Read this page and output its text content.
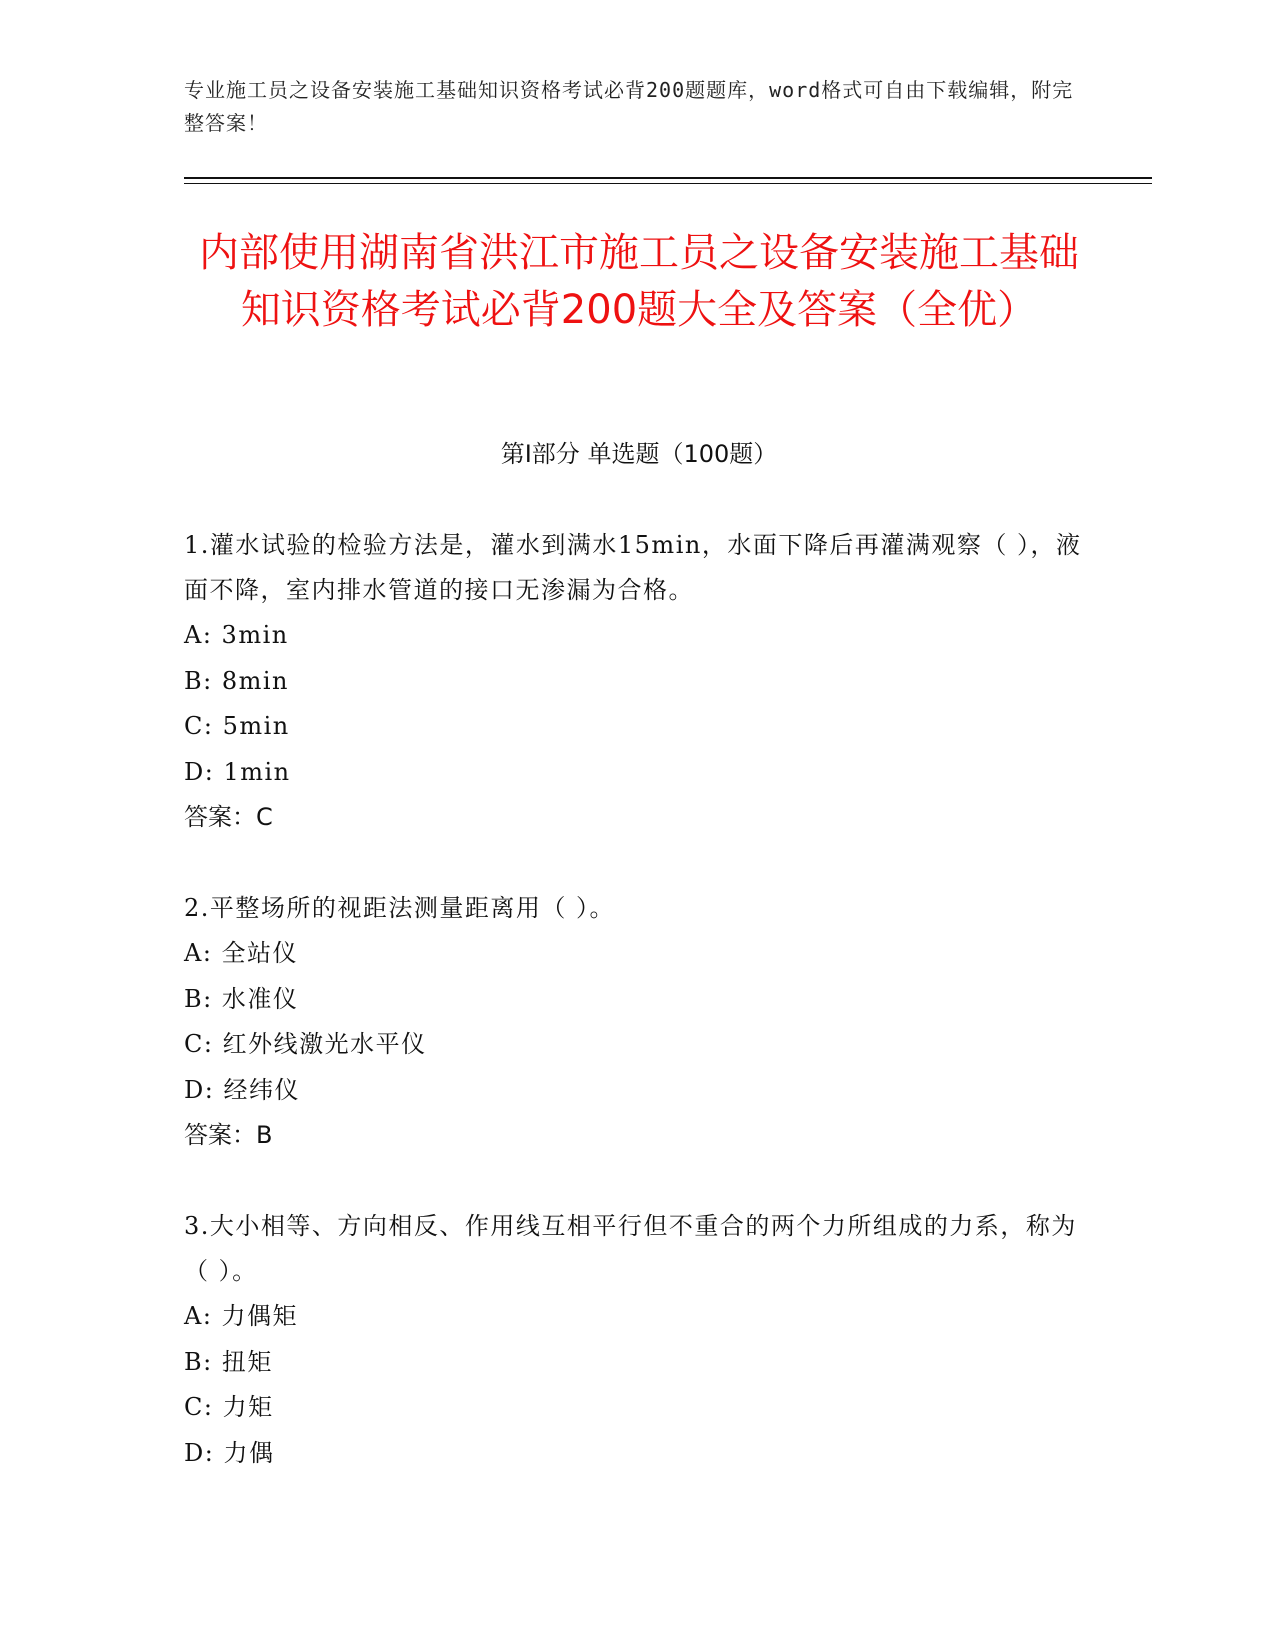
专业施工员之设备安装施工基础知识资格考试必背200题题库，word格式可自由下载编辑，附完整答案！
内部使用湖南省洪江市施工员之设备安装施工基础知识资格考试必背200题大全及答案（全优）
第I部分 单选题（100题）
1.灌水试验的检验方法是，灌水到满水15min，水面下降后再灌满观察（ ），液面不降，室内排水管道的接口无渗漏为合格。
A: 3min
B: 8min
C: 5min
D: 1min
答案：C
2.平整场所的视距法测量距离用（ ）。
A: 全站仪
B: 水准仪
C: 红外线激光水平仪
D: 经纬仪
答案：B
3.大小相等、方向相反、作用线互相平行但不重合的两个力所组成的力系，称为（ ）。
A: 力偶矩
B: 扭矩
C: 力矩
D: 力偶
